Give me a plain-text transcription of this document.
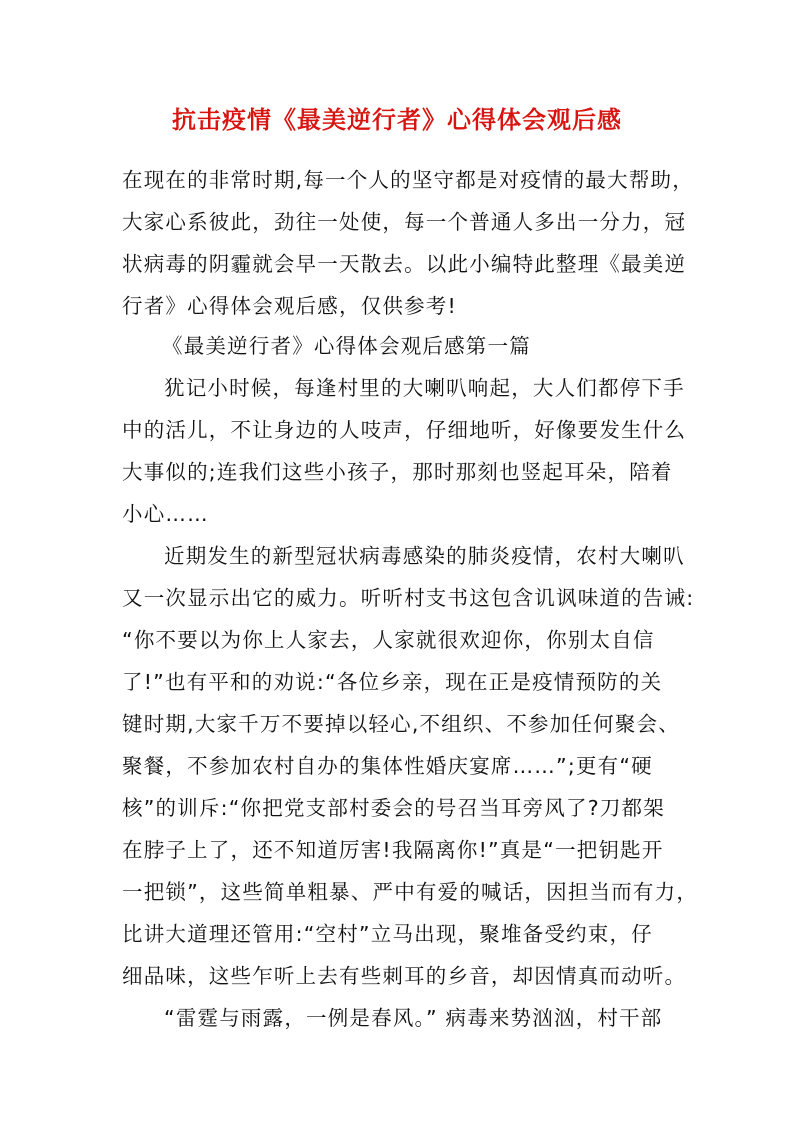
抗击疫情《最美逆行者》心得体会观后感
在现在的非常时期,每一个人的坚守都是对疫情的最大帮助，
大家心系彼此，劲往一处使，每一个普通人多出一分力，冠
状病毒的阴霾就会早一天散去。以此小编特此整理《最美逆
行者》心得体会观后感，仅供参考!
《最美逆行者》心得体会观后感第一篇
犹记小时候，每逢村里的大喇叭响起，大人们都停下手
中的活儿，不让身边的人吱声，仔细地听，好像要发生什么
大事似的;连我们这些小孩子，那时那刻也竖起耳朵，陪着
小心……
近期发生的新型冠状病毒感染的肺炎疫情，农村大喇叭
又一次显示出它的威力。听听村支书这包含讥讽味道的告诫:
“你不要以为你上人家去，人家就很欢迎你，你别太自信
了!”也有平和的劝说:“各位乡亲，现在正是疫情预防的关
键时期,大家千万不要掉以轻心,不组织、不参加任何聚会、
聚餐，不参加农村自办的集体性婚庆宴席……”;更有“硬
核”的训斥:“你把党支部村委会的号召当耳旁风了?刀都架
在脖子上了，还不知道厉害!我隔离你!”真是“一把钥匙开
一把锁”，这些简单粗暴、严中有爱的喊话，因担当而有力，
比讲大道理还管用:“空村”立马出现，聚堆备受约束，仔
细品味，这些乍听上去有些刺耳的乡音，却因情真而动听。
“雷霆与雨露，一例是春风。” 病毒来势汹汹，村干部
